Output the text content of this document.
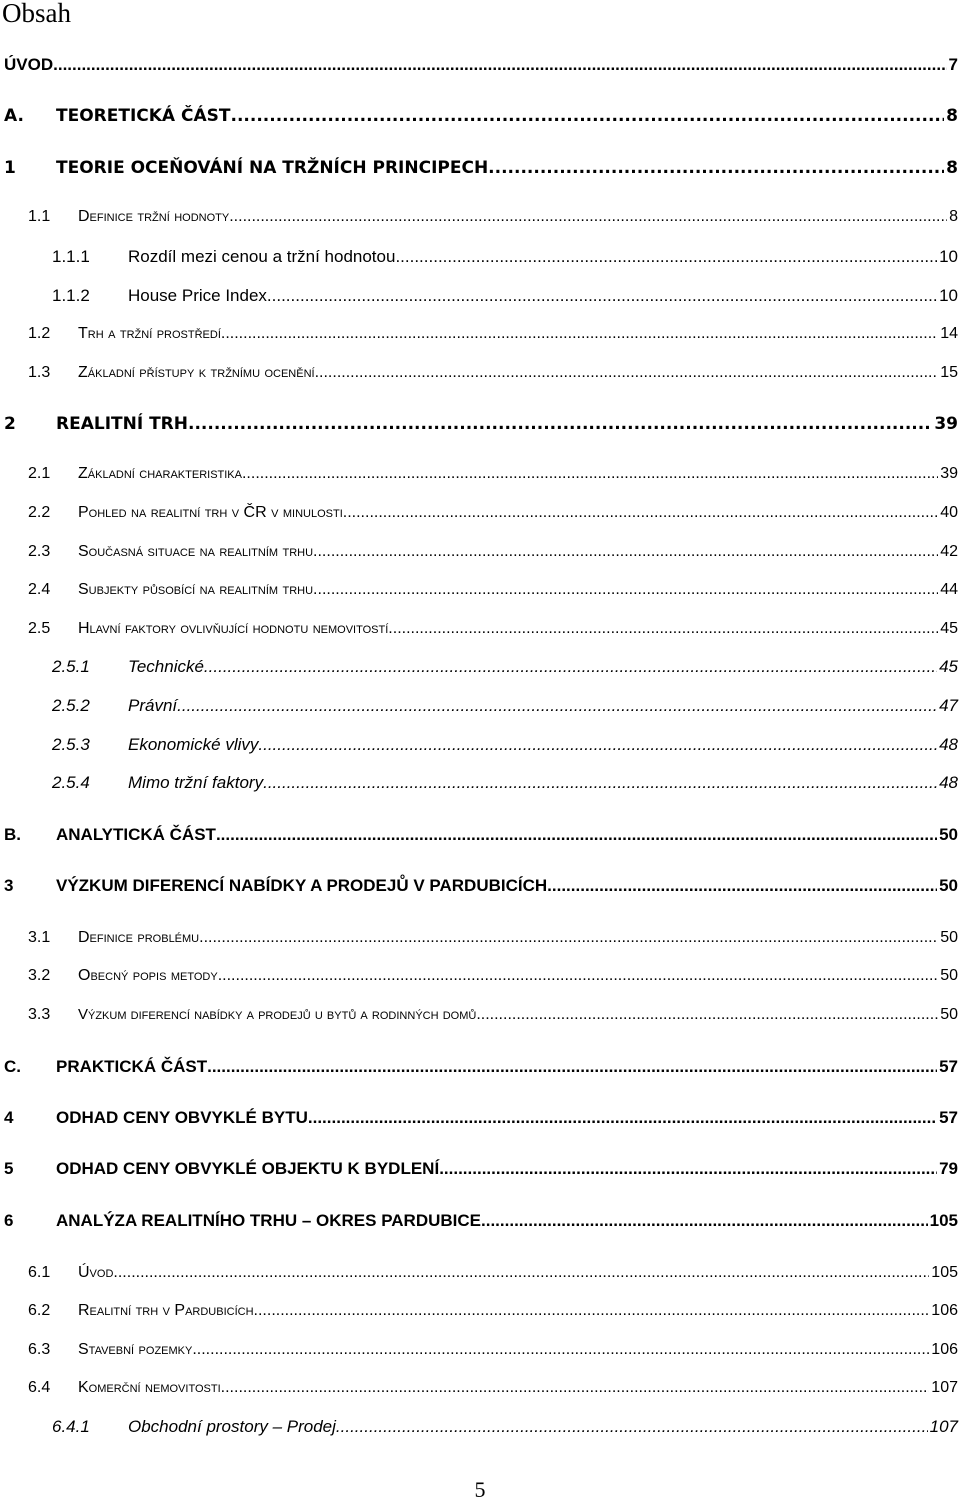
Obsah
ÚVOD .....	7
A.	TEORETICKÁ ČÁST .....	8
1	TEORIE OCEŇOVÁNÍ NA TRŽNÍCH PRINCIPECH .....	8
1.1	Definice tržní hodnoty .....	8
1.1.1	Rozdíl mezi cenou a tržní hodnotou .....	10
1.1.2	House Price Index .....	10
1.2	Trh a tržní prostředí .....	14
1.3	Základní přístupy k tržnímu ocenění .....	15
2	REALITNÍ TRH .....	39
2.1	Základní charakteristika .....	39
2.2	Pohled na realitní trh v ČR v minulosti .....	40
2.3	Současná situace na realitním trhu .....	42
2.4	Subjekty působící na realitním trhu .....	44
2.5	Hlavní faktory ovlivňující hodnotu nemovitostí .....	45
2.5.1	Technické .....	45
2.5.2	Právní .....	47
2.5.3	Ekonomické vlivy .....	48
2.5.4	Mimo tržní faktory .....	48
B.	ANALYTICKÁ ČÁST .....	50
3	VÝZKUM DIFERENCÍ NABÍDKY A PRODEJŮ V PARDUBICÍCH .....	50
3.1	Definice problému .....	50
3.2	Obecný popis metody .....	50
3.3	Výzkum diferencí nabídky a prodejů u bytů a rodinných domů .....	50
C.	PRAKTICKÁ ČÁST .....	57
4	ODHAD CENY OBVYKLÉ BYTU .....	57
5	ODHAD CENY OBVYKLÉ OBJEKTU K BYDLENÍ .....	79
6	ANALÝZA REALITNÍHO TRHU – OKRES PARDUBICE .....	105
6.1	Úvod .....	105
6.2	Realitní trh v Pardubicích .....	106
6.3	Stavební pozemky .....	106
6.4	Komerční nemovitosti .....	107
6.4.1	Obchodní prostory – Prodej .....	107
5
